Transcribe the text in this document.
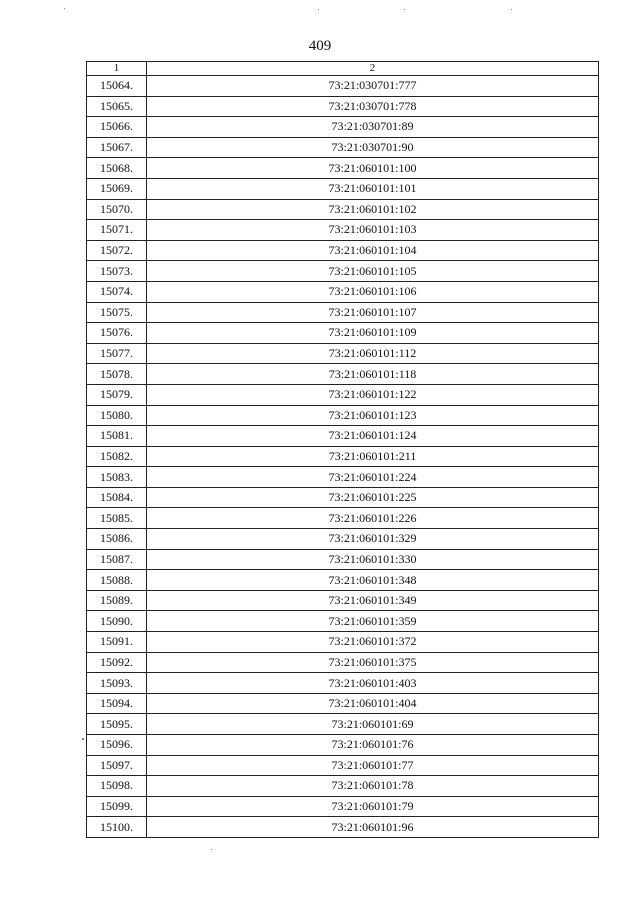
409
1	2
15064.	73:21:030701:777
15065.	73:21:030701:778
15066.	73:21:030701:89
15067.	73:21:030701:90
15068.	73:21:060101:100
15069.	73:21:060101:101
15070.	73:21:060101:102
15071.	73:21:060101:103
15072.	73:21:060101:104
15073.	73:21:060101:105
15074.	73:21:060101:106
15075.	73:21:060101:107
15076.	73:21:060101:109
15077.	73:21:060101:112
15078.	73:21:060101:118
15079.	73:21:060101:122
15080.	73:21:060101:123
15081.	73:21:060101:124
15082.	73:21:060101:211
15083.	73:21:060101:224
15084.	73:21:060101:225
15085.	73:21:060101:226
15086.	73:21:060101:329
15087.	73:21:060101:330
15088.	73:21:060101:348
15089.	73:21:060101:349
15090.	73:21:060101:359
15091.	73:21:060101:372
15092.	73:21:060101:375
15093.	73:21:060101:403
15094.	73:21:060101:404
15095.	73:21:060101:69
15096.	73:21:060101:76
15097.	73:21:060101:77
15098.	73:21:060101:78
15099.	73:21:060101:79
15100.	73:21:060101:96
